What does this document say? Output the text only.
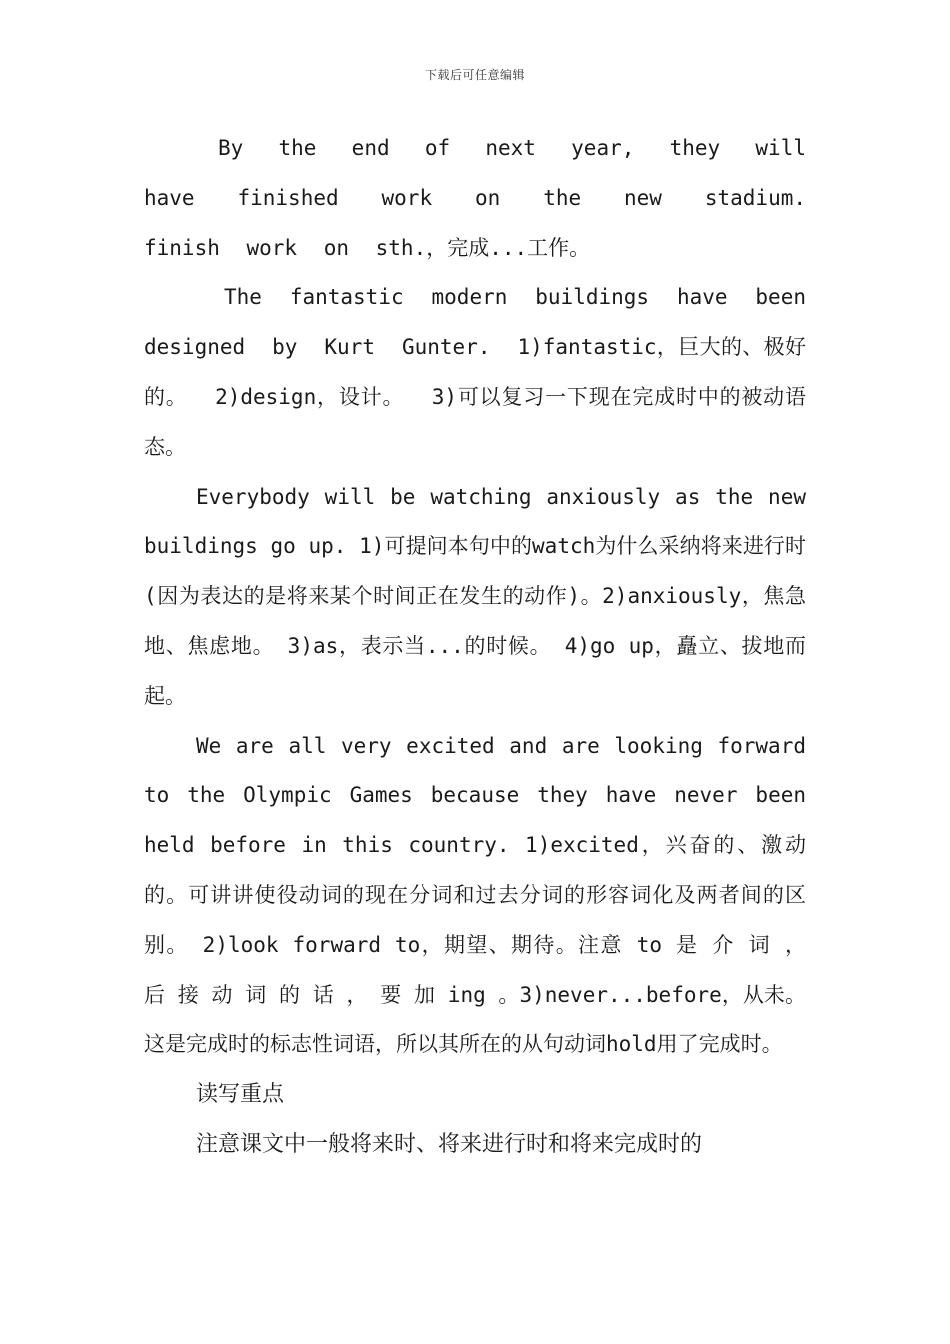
下载后可任意编辑

By the end of next year, they will have finished work on the new stadium. finish work on sth.，完成...工作。

The fantastic modern buildings have been designed by Kurt Gunter. 1)fantastic，巨大的、极好的。 2)design，设计。 3)可以复习一下现在完成时中的被动语态。

Everybody will be watching anxiously as the new buildings go up. 1)可提问本句中的watch为什么采纳将来进行时(因为表达的是将来某个时间正在发生的动作)。2)anxiously，焦急地、焦虑地。 3)as，表示当...的时候。 4)go up，矗立、拔地而起。

We are all very excited and are looking forward to the Olympic Games because they have never been held before in this country. 1)excited，兴奋的、激动的。可讲讲使役动词的现在分词和过去分词的形容词化及两者间的区别。 2)look forward to，期望、期待。注意 to 是 介 词 ， 后 接 动 词 的 话 ， 要 加 ing 。3)never...before，从未。这是完成时的标志性词语，所以其所在的从句动词hold用了完成时。

读写重点

注意课文中一般将来时、将来进行时和将来完成时的
